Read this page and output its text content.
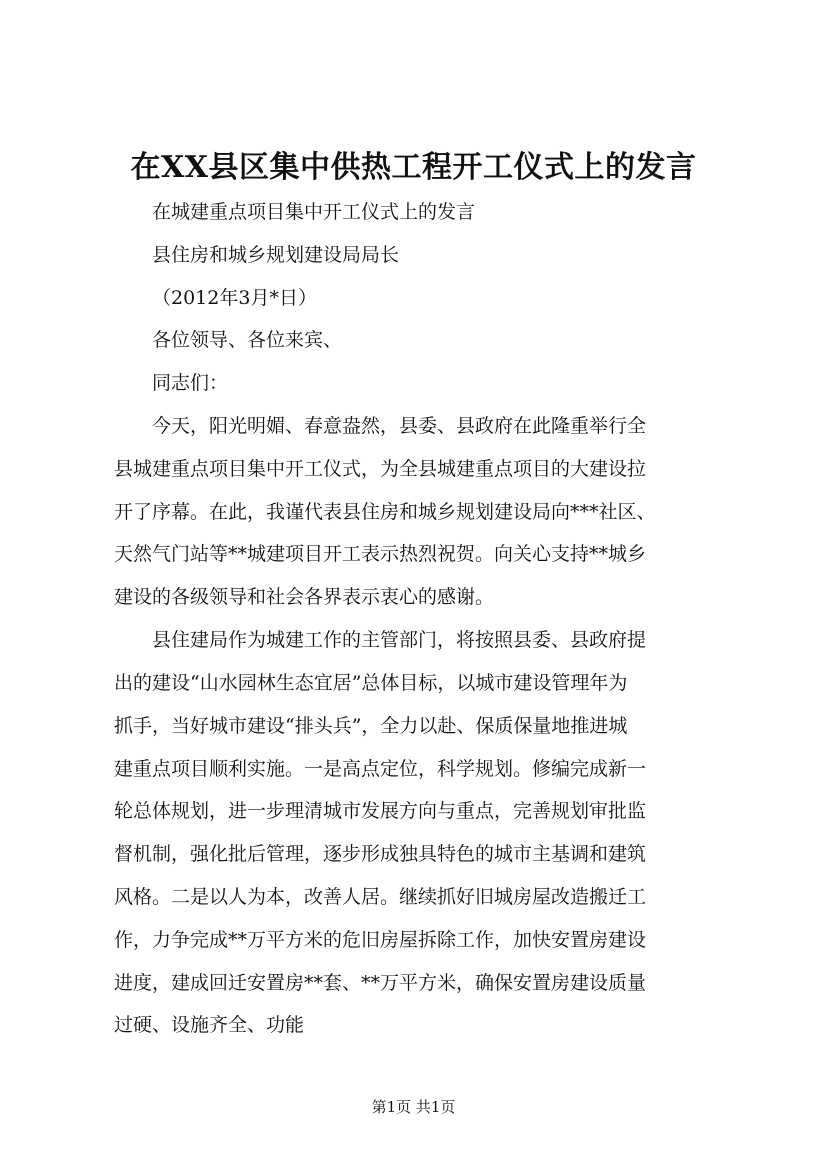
在XX县区集中供热工程开工仪式上的发言

在城建重点项目集中开工仪式上的发言

县住房和城乡规划建设局局长

（2012年3月*日）

各位领导、各位来宾、

同志们：

今天，阳光明媚、春意盎然，县委、县政府在此隆重举行全

县城建重点项目集中开工仪式，为全县城建重点项目的大建设拉

开了序幕。在此，我谨代表县住房和城乡规划建设局向***社区、

天然气门站等**城建项目开工表示热烈祝贺。向关心支持**城乡

建设的各级领导和社会各界表示衷心的感谢。

县住建局作为城建工作的主管部门，将按照县委、县政府提

出的建设“山水园林生态宜居”总体目标，以城市建设管理年为

抓手，当好城市建设“排头兵”，全力以赴、保质保量地推进城

建重点项目顺利实施。一是高点定位，科学规划。修编完成新一

轮总体规划，进一步理清城市发展方向与重点，完善规划审批监

督机制，强化批后管理，逐步形成独具特色的城市主基调和建筑

风格。二是以人为本，改善人居。继续抓好旧城房屋改造搬迁工

作，力争完成**万平方米的危旧房屋拆除工作，加快安置房建设

进度，建成回迁安置房**套、**万平方米，确保安置房建设质量

过硬、设施齐全、功能

第1页 共1页
